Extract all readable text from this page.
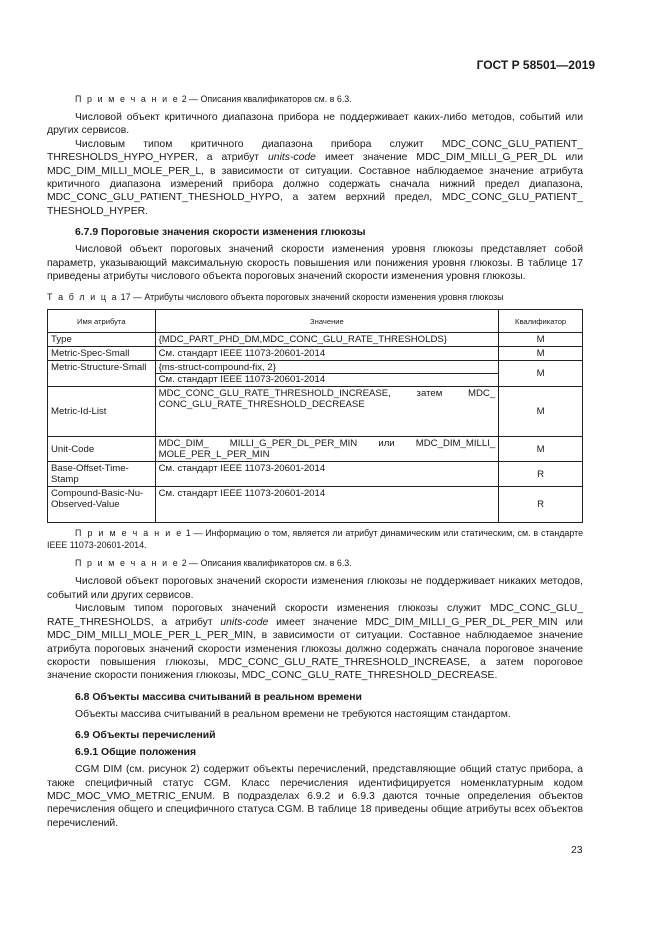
ГОСТ Р 58501—2019

П р и м е ч а н и е 2 — Описания квалификаторов см. в 6.3.

Числовой объект критичного диапазона прибора не поддерживает каких-либо методов, событий или других сервисов.

Числовым типом критичного диапазона прибора служит MDC_CONC_GLU_PATIENT_ THRESHOLDS_HYPO_HYPER, а атрибут units-code имеет значение MDC_DIM_MILLI_G_PER_DL или MDC_DIM_MILLI_MOLE_PER_L, в зависимости от ситуации. Составное наблюдаемое значение атрибута критичного диапазона измерений прибора должно содержать сначала нижний предел диапазона, MDC_CONC_GLU_PATIENT_THESHOLD_HYPO, а затем верхний предел, MDC_CONC_GLU_PATIENT_ THESHOLD_HYPER.

6.7.9 Пороговые значения скорости изменения глюкозы

Числовой объект пороговых значений скорости изменения уровня глюкозы представляет собой параметр, указывающий максимальную скорость повышения или понижения уровня глюкозы. В таблице 17 приведены атрибуты числового объекта пороговых значений скорости изменения уровня глюкозы.

Т а б л и ц а 17 — Атрибуты числового объекта пороговых значений скорости изменения уровня глюкозы

Имя атрибута	Значение	Квалификатор
Type	{MDC_PART_PHD_DM,MDC_CONC_GLU_RATE_THRESHOLDS}	M
Metric-Spec-Small	См. стандарт IEEE 11073-20601-2014	M
Metric-Structure-Small	{ms-struct-compound-fix, 2}
См. стандарт IEEE 11073-20601-2014	M
Metric-Id-List	MDC_CONC_GLU_RATE_THRESHOLD_INCREASE, затем MDC_ CONC_GLU_RATE_THRESHOLD_DECREASE	M
Unit-Code	MDC_DIM_ MILLI_G_PER_DL_PER_MIN или MDC_DIM_MILLI_ MOLE_PER_L_PER_MIN	M
Base-Offset-Time-Stamp	См. стандарт IEEE 11073-20601-2014	R
Compound-Basic-Nu-Observed-Value	См. стандарт IEEE 11073-20601-2014	R

П р и м е ч а н и е 1 — Информацию о том, является ли атрибут динамическим или статическим, см. в стандарте IEEE 11073-20601-2014.

П р и м е ч а н и е 2 — Описания квалификаторов см. в 6.3.

Числовой объект пороговых значений скорости изменения глюкозы не поддерживает никаких методов, событий или других сервисов.

Числовым типом пороговых значений скорости изменения глюкозы служит MDC_CONC_GLU_ RATE_THRESHOLDS, а атрибут units-code имеет значение MDC_DIM_MILLI_G_PER_DL_PER_MIN или MDC_DIM_MILLI_MOLE_PER_L_PER_MIN, в зависимости от ситуации. Составное наблюдаемое значение атрибута пороговых значений скорости изменения глюкозы должно содержать сначала пороговое значение скорости повышения глюкозы, MDC_CONC_GLU_RATE_THRESHOLD_INCREASE, а затем пороговое значение скорости понижения глюкозы, MDC_CONC_GLU_RATE_THRESHOLD_DECREASE.

6.8 Объекты массива считываний в реальном времени

Объекты массива считываний в реальном времени не требуются настоящим стандартом.

6.9 Объекты перечислений
6.9.1 Общие положения

CGM DIM (см. рисунок 2) содержит объекты перечислений, представляющие общий статус прибора, а также специфичный статус CGM. Класс перечисления идентифицируется номенклатурным кодом MDC_MOC_VMO_METRIC_ENUM. В подразделах 6.9.2 и 6.9.3 даются точные определения объектов перечисления общего и специфичного статуса CGM. В таблице 18 приведены общие атрибуты всех объектов перечислений.

23
